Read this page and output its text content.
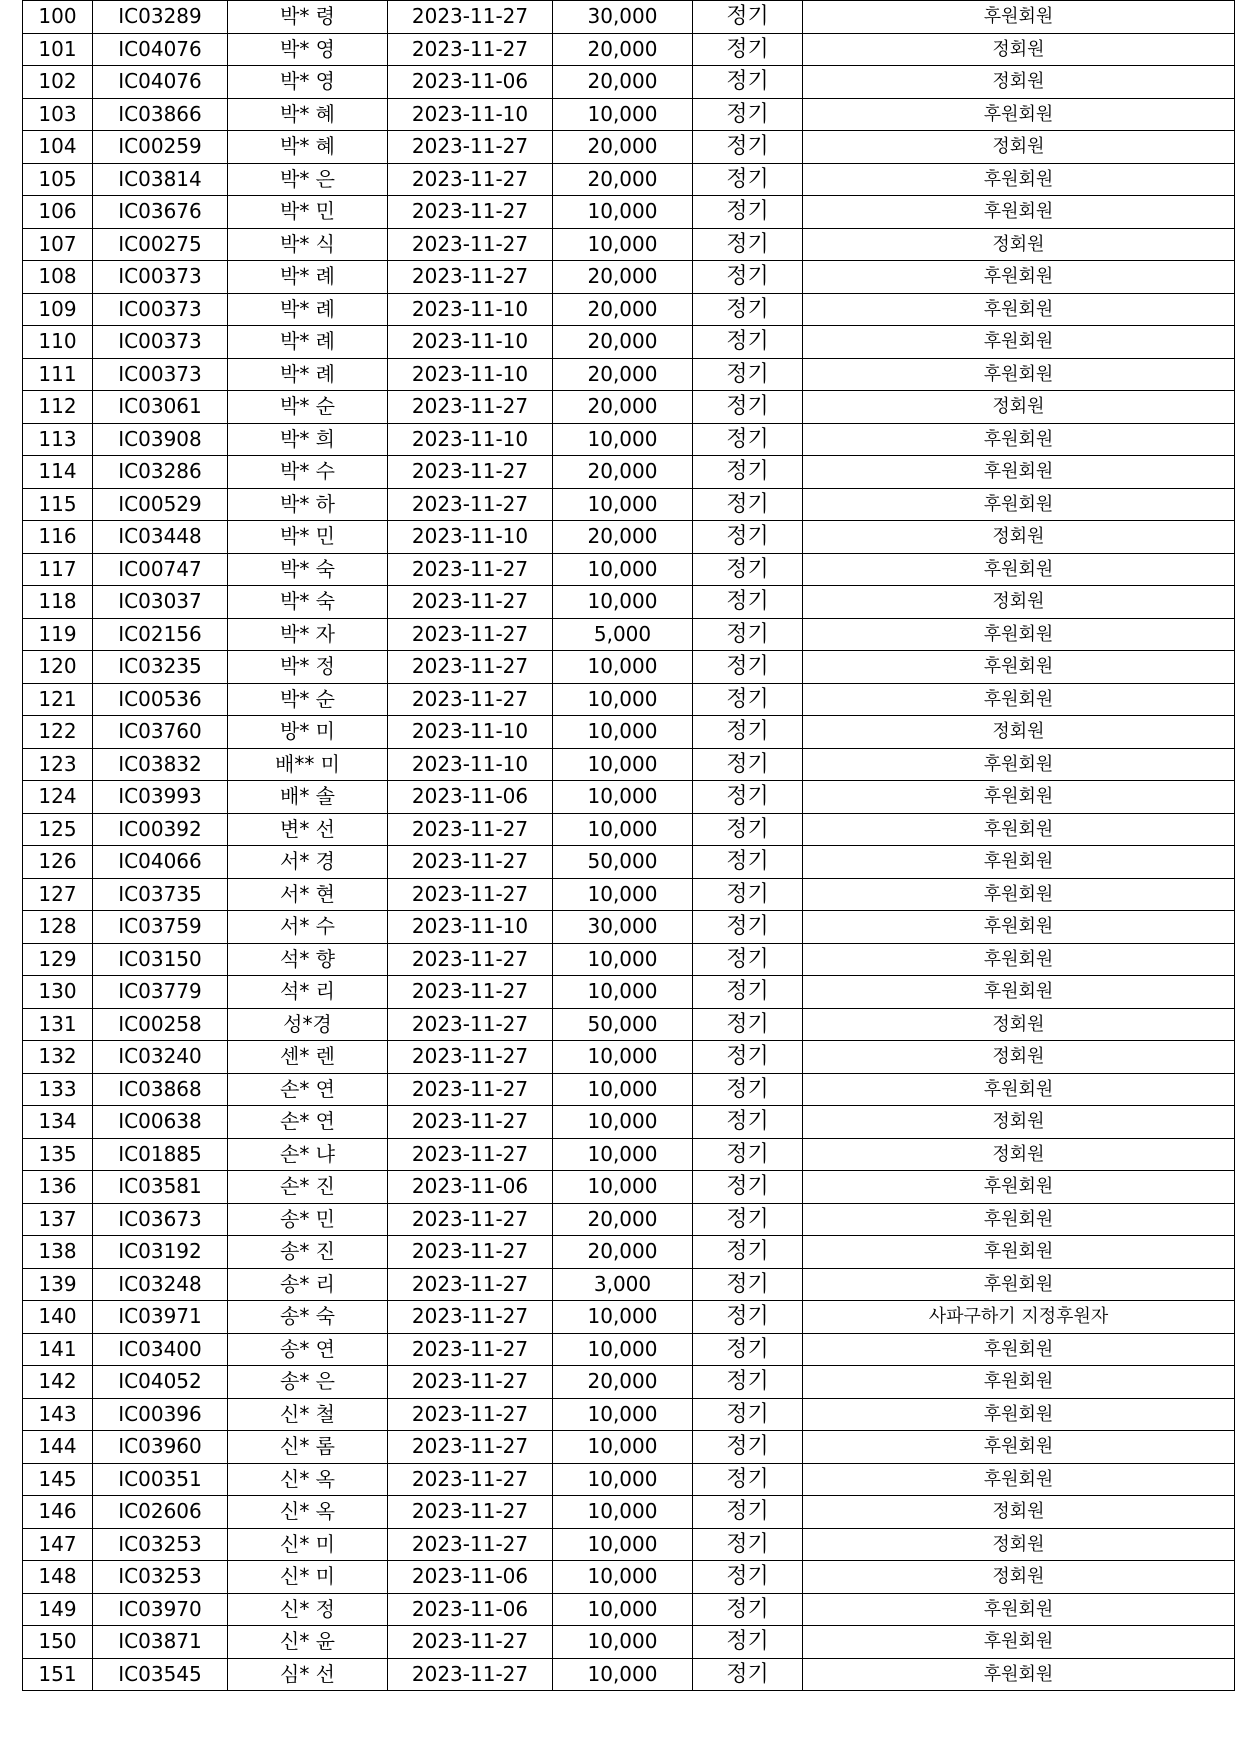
100	IC03289	박* 령	2023-11-27	30,000	정기	후원회원
101	IC04076	박* 영	2023-11-27	20,000	정기	정회원
102	IC04076	박* 영	2023-11-06	20,000	정기	정회원
103	IC03866	박* 혜	2023-11-10	10,000	정기	후원회원
104	IC00259	박* 혜	2023-11-27	20,000	정기	정회원
105	IC03814	박* 은	2023-11-27	20,000	정기	후원회원
106	IC03676	박* 민	2023-11-27	10,000	정기	후원회원
107	IC00275	박* 식	2023-11-27	10,000	정기	정회원
108	IC00373	박* 례	2023-11-27	20,000	정기	후원회원
109	IC00373	박* 례	2023-11-10	20,000	정기	후원회원
110	IC00373	박* 례	2023-11-10	20,000	정기	후원회원
111	IC00373	박* 례	2023-11-10	20,000	정기	후원회원
112	IC03061	박* 순	2023-11-27	20,000	정기	정회원
113	IC03908	박* 희	2023-11-10	10,000	정기	후원회원
114	IC03286	박* 수	2023-11-27	20,000	정기	후원회원
115	IC00529	박* 하	2023-11-27	10,000	정기	후원회원
116	IC03448	박* 민	2023-11-10	20,000	정기	정회원
117	IC00747	박* 숙	2023-11-27	10,000	정기	후원회원
118	IC03037	박* 숙	2023-11-27	10,000	정기	정회원
119	IC02156	박* 자	2023-11-27	5,000	정기	후원회원
120	IC03235	박* 정	2023-11-27	10,000	정기	후원회원
121	IC00536	박* 순	2023-11-27	10,000	정기	후원회원
122	IC03760	방* 미	2023-11-10	10,000	정기	정회원
123	IC03832	배** 미	2023-11-10	10,000	정기	후원회원
124	IC03993	배* 솔	2023-11-06	10,000	정기	후원회원
125	IC00392	변* 선	2023-11-27	10,000	정기	후원회원
126	IC04066	서* 경	2023-11-27	50,000	정기	후원회원
127	IC03735	서* 현	2023-11-27	10,000	정기	후원회원
128	IC03759	서* 수	2023-11-10	30,000	정기	후원회원
129	IC03150	석* 향	2023-11-27	10,000	정기	후원회원
130	IC03779	석* 리	2023-11-27	10,000	정기	후원회원
131	IC00258	성*경	2023-11-27	50,000	정기	정회원
132	IC03240	센* 렌	2023-11-27	10,000	정기	정회원
133	IC03868	손* 연	2023-11-27	10,000	정기	후원회원
134	IC00638	손* 연	2023-11-27	10,000	정기	정회원
135	IC01885	손* 냐	2023-11-27	10,000	정기	정회원
136	IC03581	손* 진	2023-11-06	10,000	정기	후원회원
137	IC03673	송* 민	2023-11-27	20,000	정기	후원회원
138	IC03192	송* 진	2023-11-27	20,000	정기	후원회원
139	IC03248	송* 리	2023-11-27	3,000	정기	후원회원
140	IC03971	송* 숙	2023-11-27	10,000	정기	사파구하기 지정후원자
141	IC03400	송* 연	2023-11-27	10,000	정기	후원회원
142	IC04052	송* 은	2023-11-27	20,000	정기	후원회원
143	IC00396	신* 철	2023-11-27	10,000	정기	후원회원
144	IC03960	신* 롬	2023-11-27	10,000	정기	후원회원
145	IC00351	신* 옥	2023-11-27	10,000	정기	후원회원
146	IC02606	신* 옥	2023-11-27	10,000	정기	정회원
147	IC03253	신* 미	2023-11-27	10,000	정기	정회원
148	IC03253	신* 미	2023-11-06	10,000	정기	정회원
149	IC03970	신* 정	2023-11-06	10,000	정기	후원회원
150	IC03871	신* 윤	2023-11-27	10,000	정기	후원회원
151	IC03545	심* 선	2023-11-27	10,000	정기	후원회원
